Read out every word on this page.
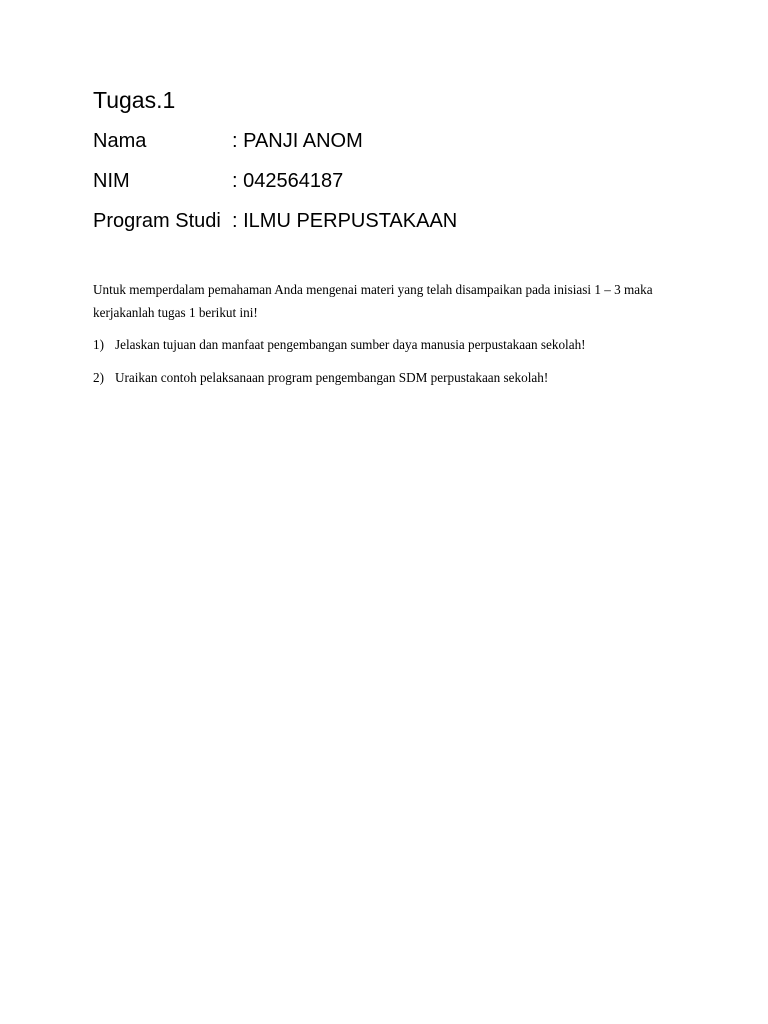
Tugas.1
Nama	: PANJI ANOM
NIM	: 042564187
Program Studi : ILMU PERPUSTAKAAN
Untuk memperdalam pemahaman Anda mengenai materi yang telah disampaikan pada inisiasi 1 – 3 maka kerjakanlah tugas 1 berikut ini!
1) Jelaskan tujuan dan manfaat pengembangan sumber daya manusia perpustakaan sekolah!
2) Uraikan contoh pelaksanaan program pengembangan SDM perpustakaan sekolah!
